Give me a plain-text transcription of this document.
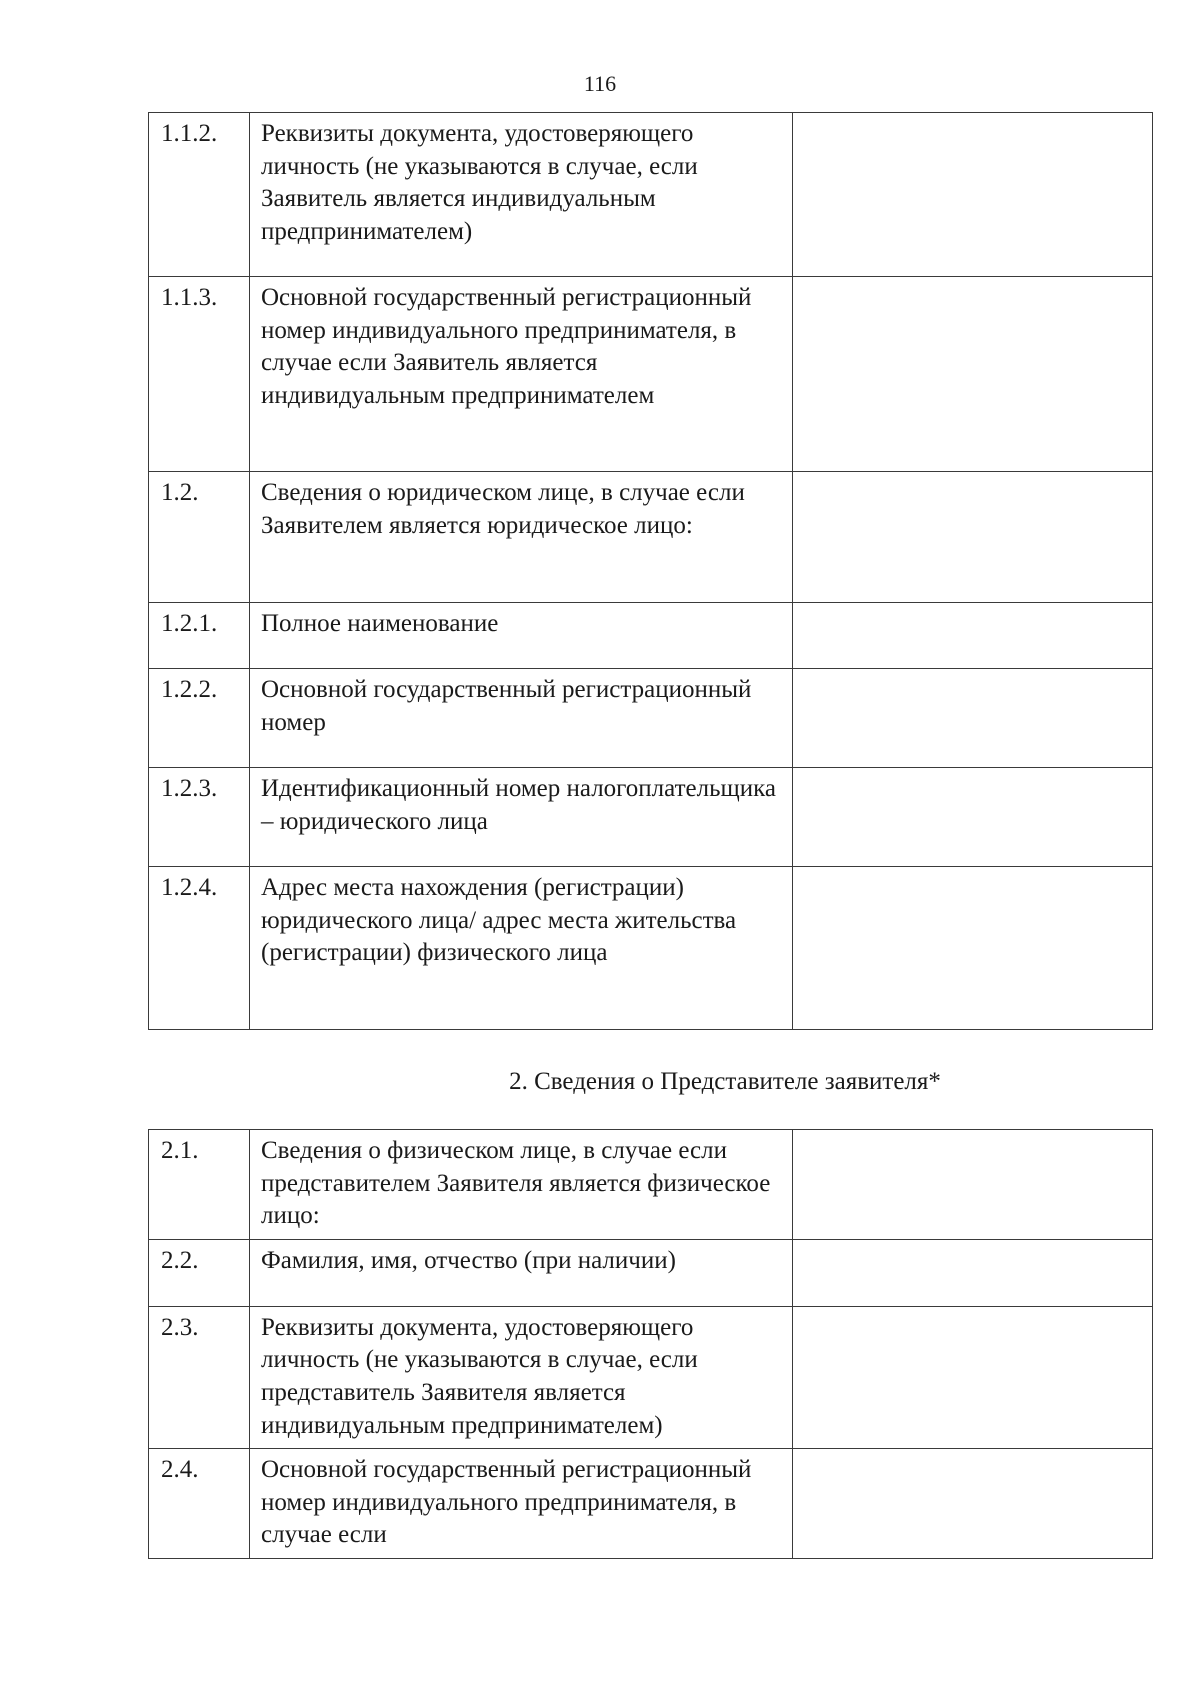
116
1.1.2.	Реквизиты документа, удостоверяющего личность (не указываются в случае, если Заявитель является индивидуальным предпринимателем)	
1.1.3.	Основной государственный регистрационный номер индивидуального предпринимателя, в случае если Заявитель является индивидуальным предпринимателем	
1.2.	Сведения о юридическом лице, в случае если Заявителем является юридическое лицо:	
1.2.1.	Полное наименование	
1.2.2.	Основной государственный регистрационный номер	
1.2.3.	Идентификационный номер налогоплательщика – юридического лица	
1.2.4.	Адрес места нахождения (регистрации) юридического лица/ адрес места жительства (регистрации) физического лица	
2. Сведения о Представителе заявителя*
2.1.	Сведения о физическом лице, в случае если представителем Заявителя является физическое лицо:	
2.2.	Фамилия, имя, отчество (при наличии)	
2.3.	Реквизиты документа, удостоверяющего личность (не указываются в случае, если представитель Заявителя является индивидуальным предпринимателем)	
2.4.	Основной государственный регистрационный номер индивидуального предпринимателя, в случае если	
